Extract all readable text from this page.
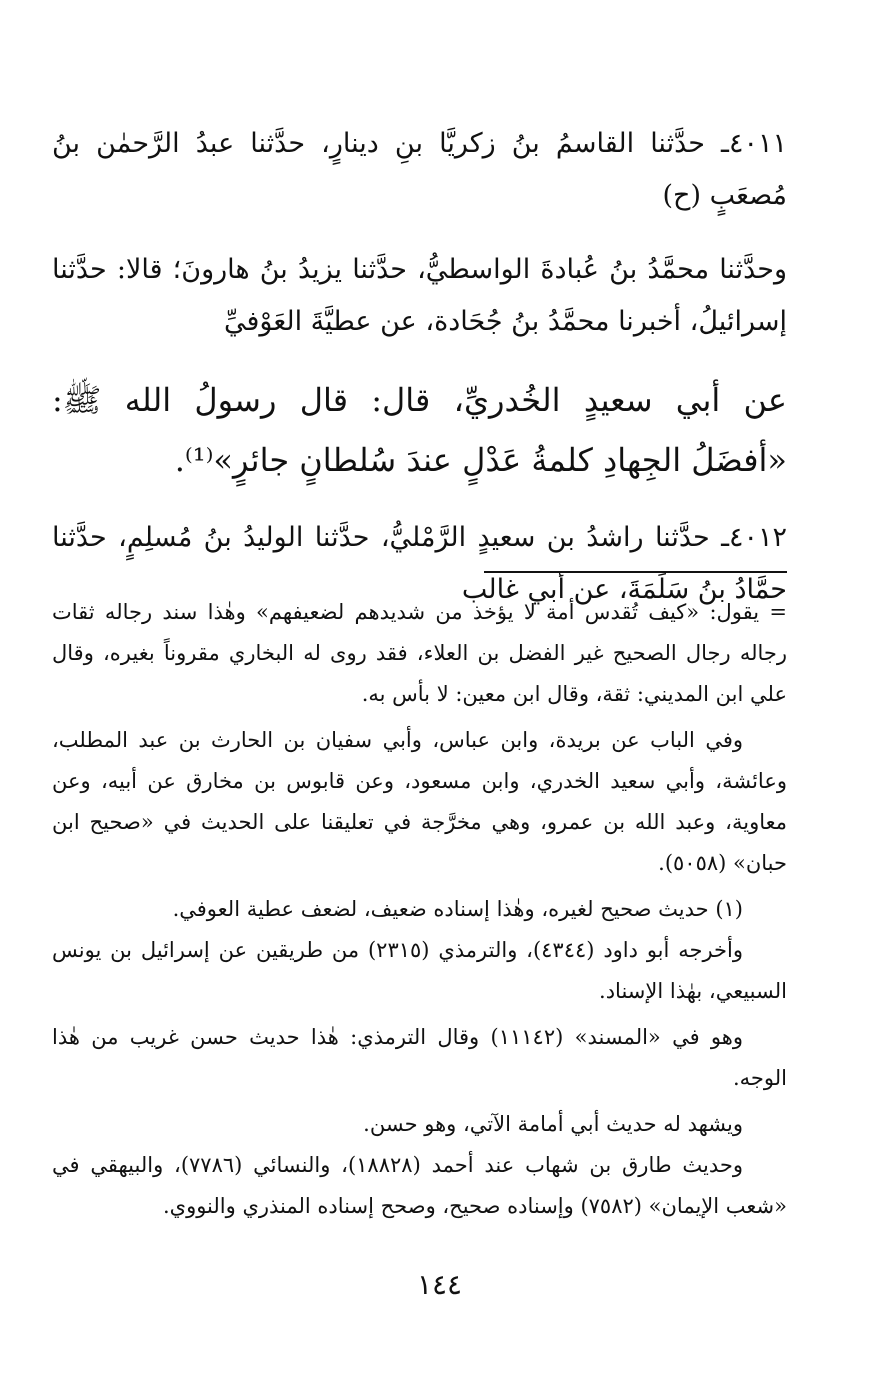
٤٠١١ـ حدَّثنا القاسمُ بنُ زكريَّا بنِ دينارٍ، حدَّثنا عبدُ الرَّحمٰن بنُ مُصعَبٍ (ح)

وحدَّثنا محمَّدُ بنُ عُبادةَ الواسطيُّ، حدَّثنا يزيدُ بنُ هارونَ؛ قالا: حدَّثنا إسرائيلُ، أخبرنا محمَّدُ بنُ جُحَادة، عن عطيَّةَ العَوْفيِّ

عن أبي سعيدٍ الخُدريِّ، قال: قال رسولُ الله ﷺ: «أفضَلُ الجِهادِ كلمةُ عَدْلٍ عندَ سُلطانٍ جائرٍ»⁽¹⁾.

٤٠١٢ـ حدَّثنا راشدُ بن سعيدٍ الرَّمْليُّ، حدَّثنا الوليدُ بنُ مُسلِمٍ، حدَّثنا حمَّادُ بنُ سَلَمَةَ، عن أبي غالب

= يقول: «كيف تُقدس أمة لا يؤخذ من شديدهم لضعيفهم» وهٰذا سند رجاله ثقات رجاله رجال الصحيح غير الفضل بن العلاء، فقد روى له البخاري مقروناً بغيره، وقال علي ابن المديني: ثقة، وقال ابن معين: لا بأس به.

وفي الباب عن بريدة، وابن عباس، وأبي سفيان بن الحارث بن عبد المطلب، وعائشة، وأبي سعيد الخدري، وابن مسعود، وعن قابوس بن مخارق عن أبيه، وعن معاوية، وعبد الله بن عمرو، وهي مخرَّجة في تعليقنا على الحديث في «صحيح ابن حبان» (٥٠٥٨).

(١) حديث صحيح لغيره، وهٰذا إسناده ضعيف، لضعف عطية العوفي.

وأخرجه أبو داود (٤٣٤٤)، والترمذي (٢٣١٥) من طريقين عن إسرائيل بن يونس السبيعي، بهٰذا الإسناد.

وهو في «المسند» (١١١٤٢) وقال الترمذي: هٰذا حديث حسن غريب من هٰذا الوجه.

ويشهد له حديث أبي أمامة الآتي، وهو حسن.

وحديث طارق بن شهاب عند أحمد (١٨٨٢٨)، والنسائي (٧٧٨٦)، والبيهقي في «شعب الإيمان» (٧٥٨٢) وإسناده صحيح، وصحح إسناده المنذري والنووي.

١٤٤
